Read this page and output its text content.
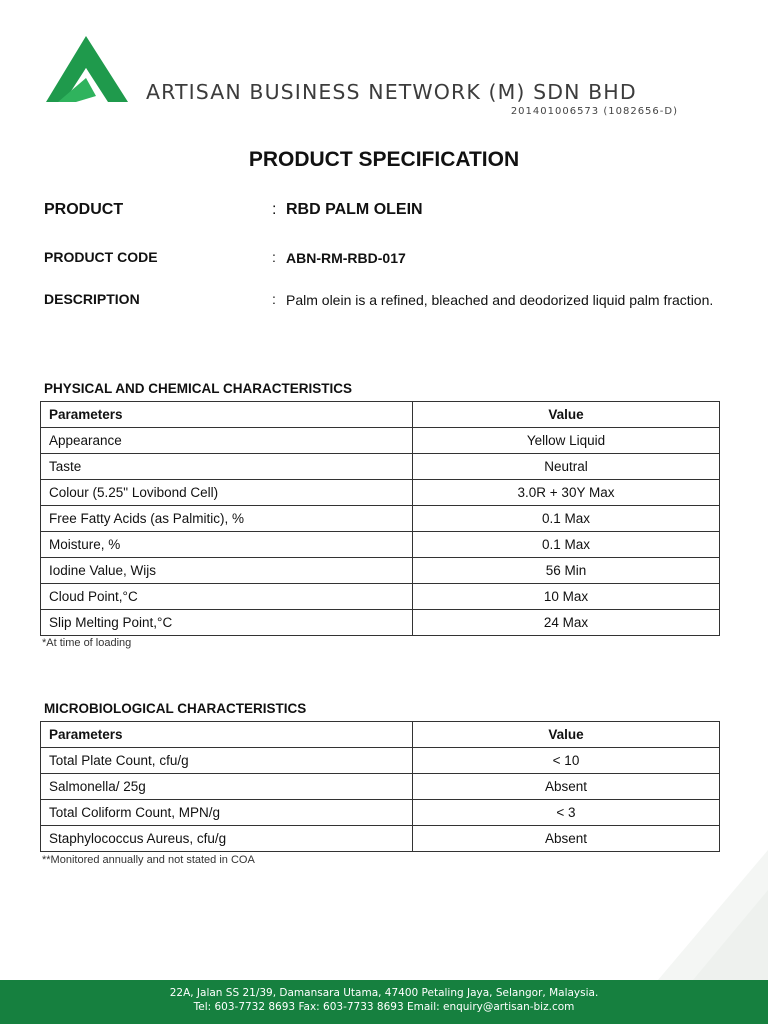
ARTISAN BUSINESS NETWORK (M) SDN BHD
201401006573 (1082656-D)
PRODUCT SPECIFICATION
PRODUCT	: RBD PALM OLEIN
PRODUCT CODE	: ABN-RM-RBD-017
DESCRIPTION	: Palm olein is a refined, bleached and deodorized liquid palm fraction.
PHYSICAL AND CHEMICAL CHARACTERISTICS
Parameters	Value
Appearance	Yellow Liquid
Taste	Neutral
Colour (5.25" Lovibond Cell)	3.0R + 30Y Max
Free Fatty Acids (as Palmitic), %	0.1 Max
Moisture, %	0.1 Max
Iodine Value, Wijs	56 Min
Cloud Point,°C	10 Max
Slip Melting Point,°C	24 Max
*At time of loading
MICROBIOLOGICAL CHARACTERISTICS
Parameters	Value
Total Plate Count, cfu/g	< 10
Salmonella/ 25g	Absent
Total Coliform Count, MPN/g	< 3
Staphylococcus Aureus, cfu/g	Absent
**Monitored annually and not stated in COA
22A, Jalan SS 21/39, Damansara Utama, 47400 Petaling Jaya, Selangor, Malaysia.
Tel: 603-7732 8693 Fax: 603-7733 8693 Email: enquiry@artisan-biz.com
